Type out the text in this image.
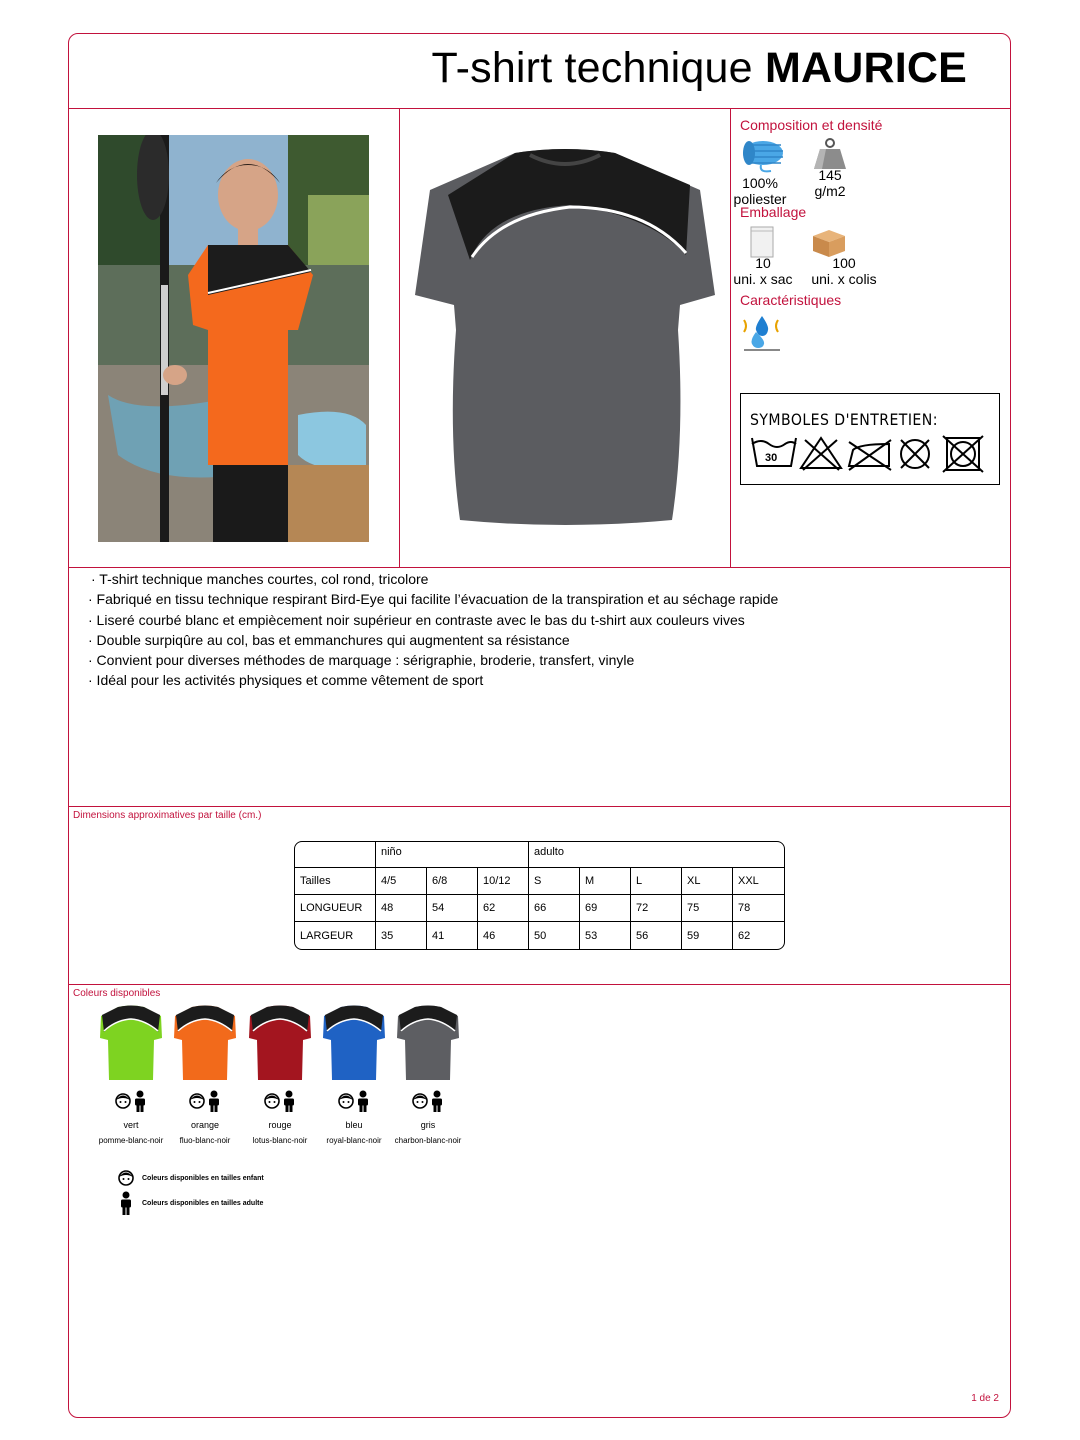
T-shirt technique MAURICE
Composition et densité
100%
poliester
145
g/m2
Emballage
10
uni. x sac
100
uni. x colis
Caractéristiques
SYMBOLES D'ENTRETIEN:
30
· T-shirt technique manches courtes, col rond, tricolore
· Fabriqué en tissu technique respirant Bird-Eye qui facilite l’évacuation de la transpiration et au séchage rapide
· Liseré courbé blanc et empiècement noir supérieur en contraste avec le bas du t-shirt aux couleurs vives
· Double surpiqûre au col, bas et emmanchures qui augmentent sa résistance
· Convient pour diverses méthodes de marquage : sérigraphie, broderie, transfert, vinyle
· Idéal pour les activités physiques et comme vêtement de sport
Dimensions approximatives par taille (cm.)
	niño			adulto				
Tailles	4/5	6/8	10/12	S	M	L	XL	XXL
LONGUEUR	48	54	62	66	69	72	75	78
LARGEUR	35	41	46	50	53	56	59	62
Coleurs disponibles
vert
pomme-blanc-noir
orange
fluo-blanc-noir
rouge
lotus-blanc-noir
bleu
royal-blanc-noir
gris
charbon-blanc-noir
Coleurs disponibles en tailles enfant
Coleurs disponibles en tailles adulte
1 de 2
